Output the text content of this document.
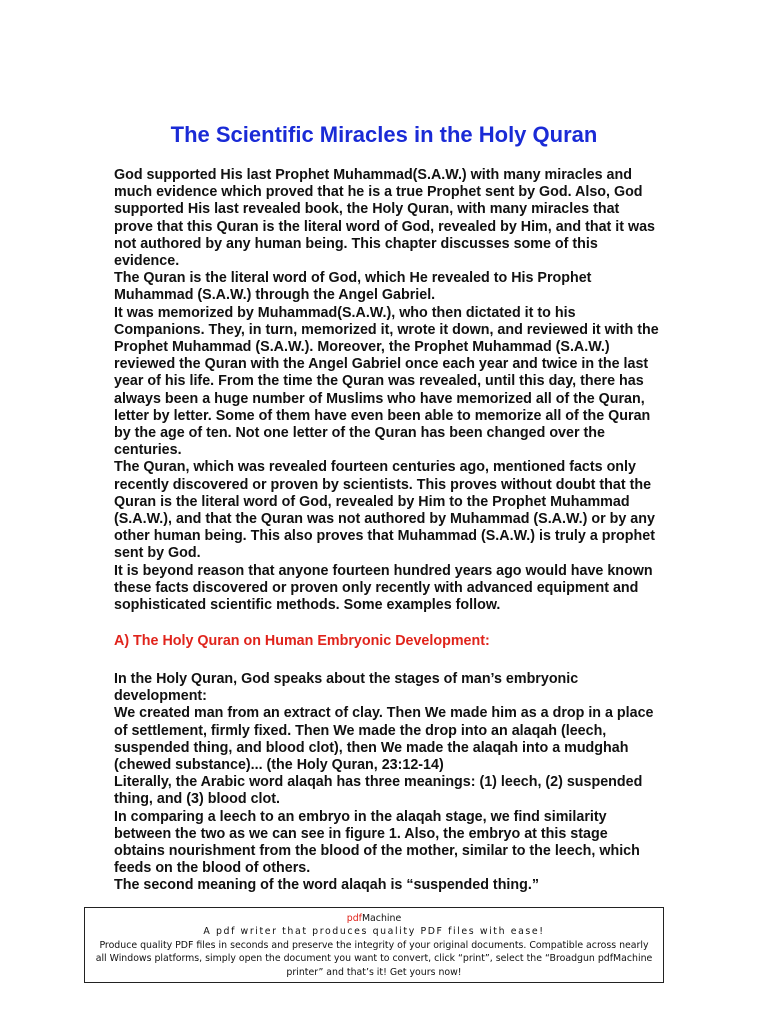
The Scientific Miracles in the Holy Quran

God supported His last Prophet Muhammad(S.A.W.) with many miracles and much evidence which proved that he is a true Prophet sent by God. Also, God supported His last revealed book, the Holy Quran, with many miracles that prove that this Quran is the literal word of God, revealed by Him, and that it was not authored by any human being. This chapter discusses some of this evidence.

The Quran is the literal word of God, which He revealed to His Prophet Muhammad (S.A.W.) through the Angel Gabriel.

It was memorized by Muhammad(S.A.W.), who then dictated it to his Companions. They, in turn, memorized it, wrote it down, and reviewed it with the Prophet Muhammad (S.A.W.). Moreover, the Prophet Muhammad (S.A.W.) reviewed the Quran with the Angel Gabriel once each year and twice in the last year of his life. From the time the Quran was revealed, until this day, there has always been a huge number of Muslims who have memorized all of the Quran, letter by letter. Some of them have even been able to memorize all of the Quran by the age of ten. Not one letter of the Quran has been changed over the centuries.

The Quran, which was revealed fourteen centuries ago, mentioned facts only recently discovered or proven by scientists. This proves without doubt that the Quran is the literal word of God, revealed by Him to the Prophet Muhammad (S.A.W.), and that the Quran was not authored by Muhammad (S.A.W.) or by any other human being. This also proves that Muhammad (S.A.W.) is truly a prophet sent by God.

It is beyond reason that anyone fourteen hundred years ago would have known these facts discovered or proven only recently with advanced equipment and sophisticated scientific methods. Some examples follow.

A) The Holy Quran on Human Embryonic Development:

In the Holy Quran, God speaks about the stages of man’s embryonic development:

We created man from an extract of clay. Then We made him as a drop in a place of settlement, firmly fixed. Then We made the drop into an alaqah (leech, suspended thing, and blood clot), then We made the alaqah into a mudghah (chewed substance)... (the Holy Quran, 23:12-14)

Literally, the Arabic word alaqah has three meanings: (1) leech, (2) suspended thing, and (3) blood clot.

In comparing a leech to an embryo in the alaqah stage, we find similarity between the two as we can see in figure 1. Also, the embryo at this stage obtains nourishment from the blood of the mother, similar to the leech, which feeds on the blood of others.

The second meaning of the word alaqah is “suspended thing.”

pdfMachine
A pdf writer that produces quality PDF files with ease!
Produce quality PDF files in seconds and preserve the integrity of your original documents. Compatible across nearly all Windows platforms, simply open the document you want to convert, click “print”, select the “Broadgun pdfMachine printer” and that’s it! Get yours now!
